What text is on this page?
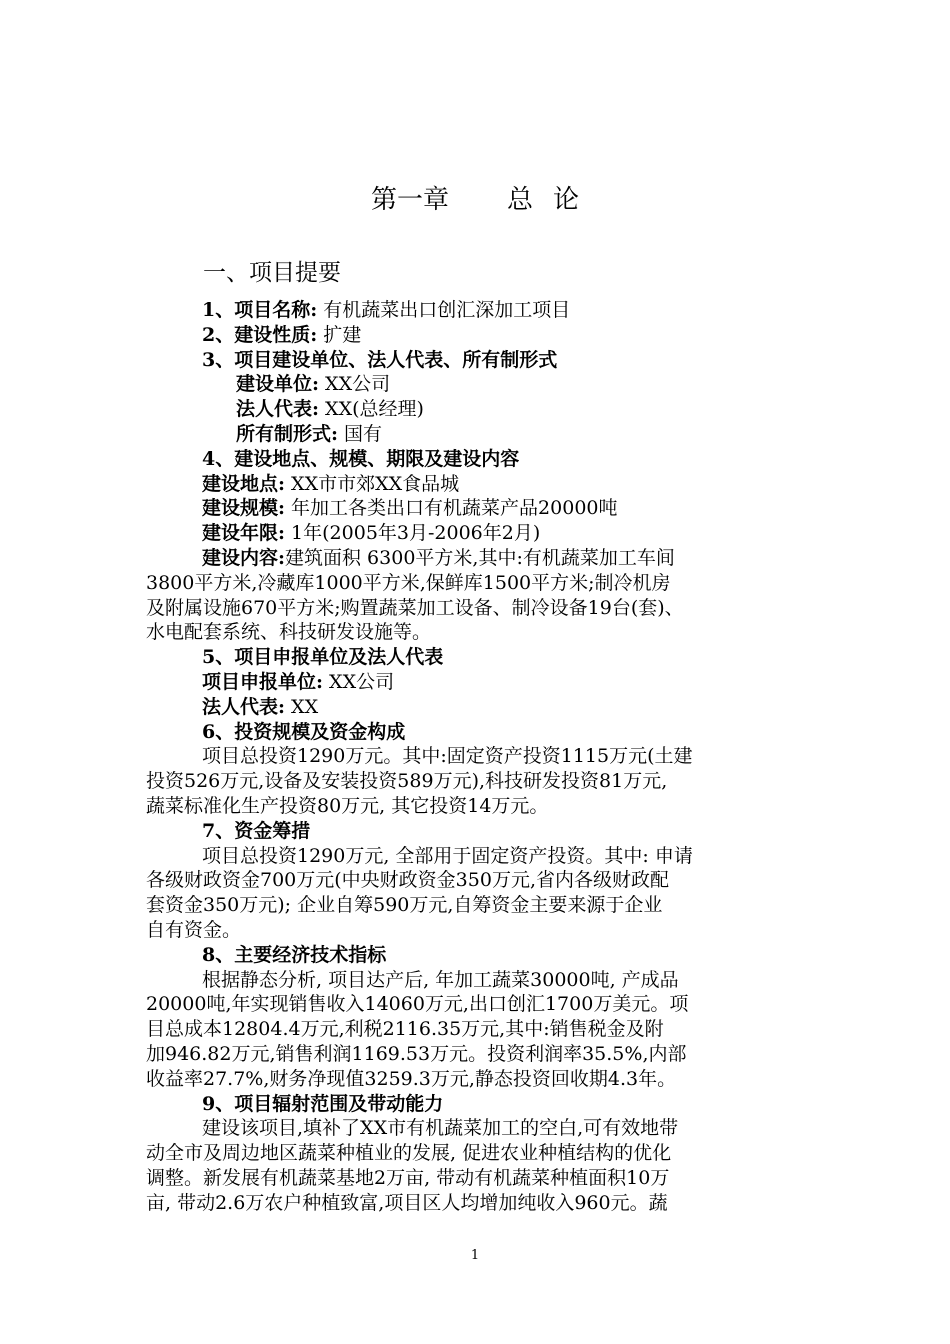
第一章 总 论
一、项目提要
1、项目名称: 有机蔬菜出口创汇深加工项目
2、建设性质: 扩建
3、项目建设单位、法人代表、所有制形式
建设单位: XX公司
法人代表: XX(总经理)
所有制形式: 国有
4、建设地点、规模、期限及建设内容
建设地点: XX市市郊XX食品城
建设规模: 年加工各类出口有机蔬菜产品20000吨
建设年限: 1年(2005年3月-2006年2月)
建设内容:建筑面积 6300平方米,其中:有机蔬菜加工车间
3800平方米,冷藏库1000平方米,保鲜库1500平方米;制冷机房
及附属设施670平方米;购置蔬菜加工设备、制冷设备19台(套)、
水电配套系统、科技研发设施等。
5、项目申报单位及法人代表
项目申报单位: XX公司
法人代表: XX
6、投资规模及资金构成
项目总投资1290万元。其中:固定资产投资1115万元(土建
投资526万元,设备及安装投资589万元),科技研发投资81万元,
蔬菜标准化生产投资80万元, 其它投资14万元。
7、资金筹措
项目总投资1290万元, 全部用于固定资产投资。其中: 申请
各级财政资金700万元(中央财政资金350万元,省内各级财政配
套资金350万元); 企业自筹590万元,自筹资金主要来源于企业
自有资金。
8、主要经济技术指标
根据静态分析, 项目达产后, 年加工蔬菜30000吨, 产成品
20000吨,年实现销售收入14060万元,出口创汇1700万美元。项
目总成本12804.4万元,利税2116.35万元,其中:销售税金及附
加946.82万元,销售利润1169.53万元。投资利润率35.5%,内部
收益率27.7%,财务净现值3259.3万元,静态投资回收期4.3年。
9、项目辐射范围及带动能力
建设该项目,填补了XX市有机蔬菜加工的空白,可有效地带
动全市及周边地区蔬菜种植业的发展, 促进农业种植结构的优化
调整。新发展有机蔬菜基地2万亩, 带动有机蔬菜种植面积10万
亩, 带动2.6万农户种植致富,项目区人均增加纯收入960元。蔬
1
